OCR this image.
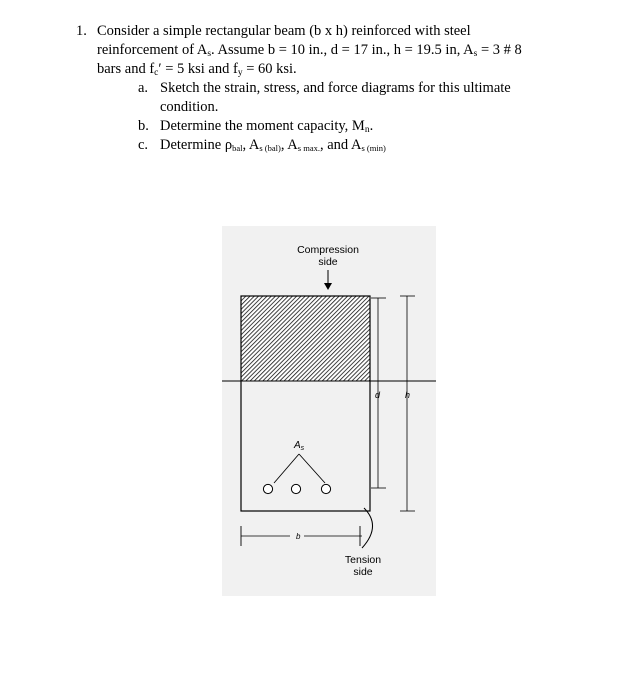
1. Consider a simple rectangular beam (b x h) reinforced with steel
reinforcement of $A_s$. Assume b = 10 in., d = 17 in., h = 19.5 in, $A_s = 3$ # 8
bars and $f_c' = 5$ ksi and $f_y = 60$ ksi.
a. Sketch the strain, stress, and force diagrams for this ultimate
condition.
b. Determine the moment capacity, $M_n$.
c. Determine ρbal, As (bal), As max., and As (min)
Compression
side
d	h
$A_s$
b
Tension
side
